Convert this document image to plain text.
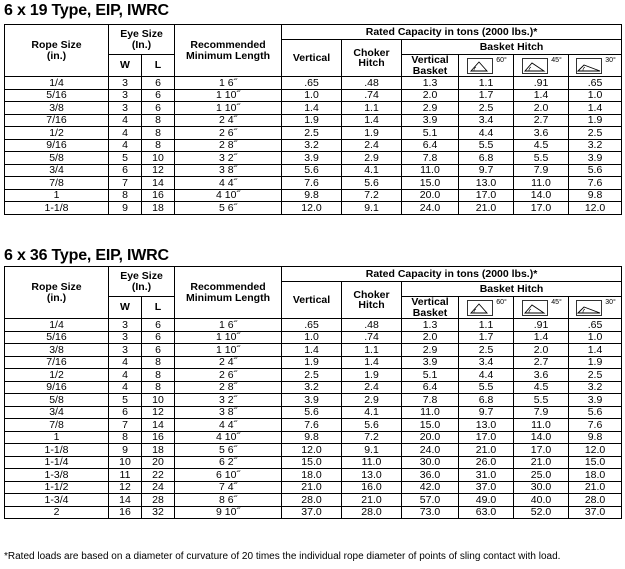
6 x 19 Type, EIP, IWRC
Rope Size (in.)	Eye Size (In.)		Recommended Minimum Length	Rated Capacity in tons (2000 lbs.)*					
				Vertical	Choker Hitch	Basket Hitch			
	W	L				Vertical Basket	$^{60^\circ}$	$^{45^\circ}$	$^{30^\circ}$

1/4	3	6	1 6˝	.65	.48	1.3	1.1	.91	.65
5/16	3	6	1 10˝	1.0	.74	2.0	1.7	1.4	1.0
3/8	3	6	1 10˝	1.4	1.1	2.9	2.5	2.0	1.4
7/16	4	8	2 4˝	1.9	1.4	3.9	3.4	2.7	1.9
1/2	4	8	2 6˝	2.5	1.9	5.1	4.4	3.6	2.5
9/16	4	8	2 8˝	3.2	2.4	6.4	5.5	4.5	3.2
5/8	5	10	3 2˝	3.9	2.9	7.8	6.8	5.5	3.9
3/4	6	12	3 8˝	5.6	4.1	11.0	9.7	7.9	5.6
7/8	7	14	4 4˝	7.6	5.6	15.0	13.0	11.0	7.6
1	8	16	4 10˝	9.8	7.2	20.0	17.0	14.0	9.8
1-1/8	9	18	5 6˝	12.0	9.1	24.0	21.0	17.0	12.0
6 x 36 Type, EIP, IWRC
Rope Size (in.)	Eye Size (In.)		Recommended Minimum Length	Rated Capacity in tons (2000 lbs.)*					
				Vertical	Choker Hitch	Basket Hitch			
	W	L				Vertical Basket	$^{60^\circ}$	$^{45^\circ}$	$^{30^\circ}$

1/4	3	6	1 6˝	.65	.48	1.3	1.1	.91	.65
5/16	3	6	1 10˝	1.0	.74	2.0	1.7	1.4	1.0
3/8	3	6	1 10˝	1.4	1.1	2.9	2.5	2.0	1.4
7/16	4	8	2 4˝	1.9	1.4	3.9	3.4	2.7	1.9
1/2	4	8	2 6˝	2.5	1.9	5.1	4.4	3.6	2.5
9/16	4	8	2 8˝	3.2	2.4	6.4	5.5	4.5	3.2
5/8	5	10	3 2˝	3.9	2.9	7.8	6.8	5.5	3.9
3/4	6	12	3 8˝	5.6	4.1	11.0	9.7	7.9	5.6
7/8	7	14	4 4˝	7.6	5.6	15.0	13.0	11.0	7.6
1	8	16	4 10˝	9.8	7.2	20.0	17.0	14.0	9.8
1-1/8	9	18	5 6˝	12.0	9.1	24.0	21.0	17.0	12.0
1-1/4	10	20	6 2˝	15.0	11.0	30.0	26.0	21.0	15.0
1-3/8	11	22	6 10˝	18.0	13.0	36.0	31.0	25.0	18.0
1-1/2	12	24	7 4˝	21.0	16.0	42.0	37.0	30.0	21.0
1-3/4	14	28	8 6˝	28.0	21.0	57.0	49.0	40.0	28.0
2	16	32	9 10˝	37.0	28.0	73.0	63.0	52.0	37.0
*Rated loads are based on a diameter of curvature of 20 times the individual rope diameter of points of sling contact with load.
